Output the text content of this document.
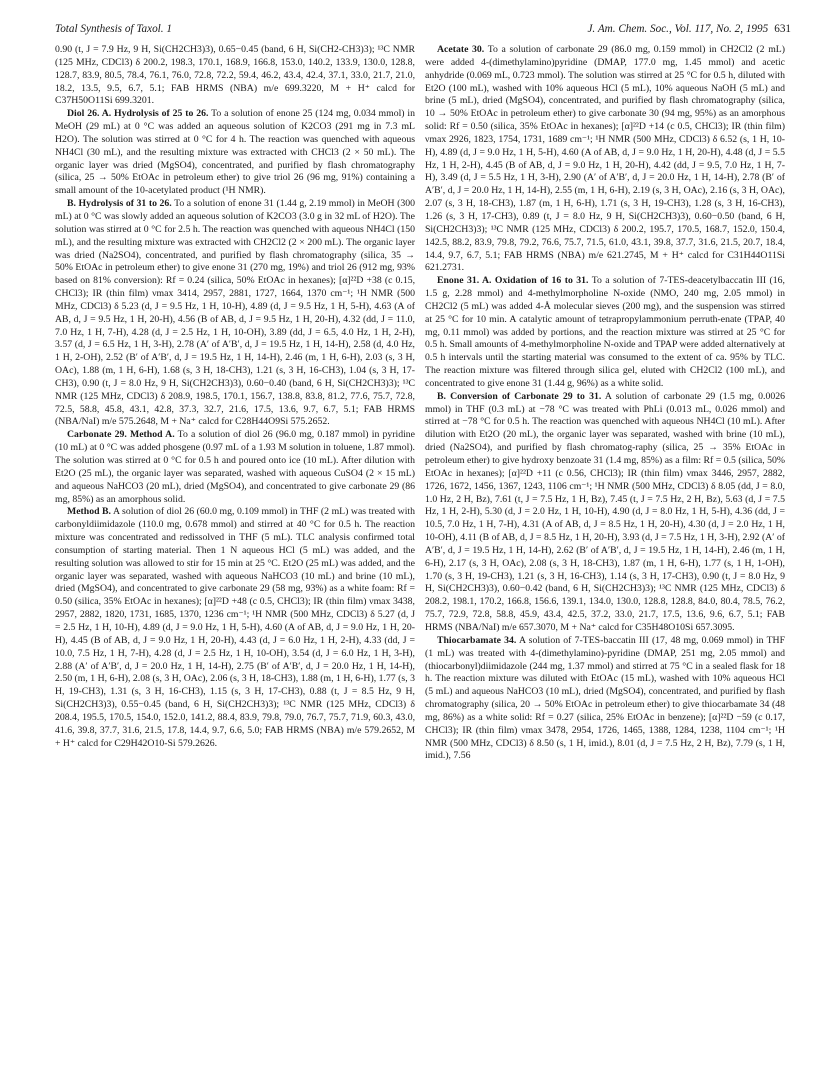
Total Synthesis of Taxol. 1	J. Am. Chem. Soc., Vol. 117, No. 2, 1995 631

0.90 (t, J = 7.9 Hz, 9 H, Si(CH2CH3)3), 0.65−0.45 (band, 6 H, Si(CH2-CH3)3); ¹³C NMR (125 MHz, CDCl3) δ 200.2, 198.3, 170.1, 168.9, 166.8, 153.0, 140.2, 133.9, 130.0, 128.8, 128.7, 83.9, 80.5, 78.4, 76.1, 76.0, 72.8, 72.2, 59.4, 46.2, 43.4, 42.4, 37.1, 33.0, 21.7, 21.0, 18.2, 13.5, 9.5, 6.7, 5.1; FAB HRMS (NBA) m/e 699.3220, M + H⁺ calcd for C37H50O11Si 699.3201.

Diol 26. A. Hydrolysis of 25 to 26. To a solution of enone 25 (124 mg, 0.034 mmol) in MeOH (29 mL) at 0 °C was added an aqueous solution of K2CO3 (291 mg in 7.3 mL H2O). The solution was stirred at 0 °C for 4 h. The reaction was quenched with aqueous NH4Cl (30 mL), and the resulting mixture was extracted with CHCl3 (2 × 50 mL). The organic layer was dried (MgSO4), concentrated, and purified by flash chromatography (silica, 25 → 50% EtOAc in petroleum ether) to give triol 26 (96 mg, 91%) containing a small amount of the 10-acetylated product (¹H NMR).

B. Hydrolysis of 31 to 26. To a solution of enone 31 (1.44 g, 2.19 mmol) in MeOH (300 mL) at 0 °C was slowly added an aqueous solution of K2CO3 (3.0 g in 32 mL of H2O). The solution was stirred at 0 °C for 2.5 h. The reaction was quenched with aqueous NH4Cl (150 mL), and the resulting mixture was extracted with CH2Cl2 (2 × 200 mL). The organic layer was dried (Na2SO4), concentrated, and purified by flash chromatography (silica, 35 → 50% EtOAc in petroleum ether) to give enone 31 (270 mg, 19%) and triol 26 (912 mg, 93% based on 81% conversion): Rf = 0.24 (silica, 50% EtOAc in hexanes); [α]²²D +38 (c 0.15, CHCl3); IR (thin film) νmax 3414, 2957, 2881, 1727, 1664, 1370 cm⁻¹; ¹H NMR (500 MHz, CDCl3) δ 5.23 (d, J = 9.5 Hz, 1 H, 10-H), 4.89 (d, J = 9.5 Hz, 1 H, 5-H), 4.63 (A of AB, d, J = 9.5 Hz, 1 H, 20-H), 4.56 (B of AB, d, J = 9.5 Hz, 1 H, 20-H), 4.32 (dd, J = 11.0, 7.0 Hz, 1 H, 7-H), 4.28 (d, J = 2.5 Hz, 1 H, 10-OH), 3.89 (dd, J = 6.5, 4.0 Hz, 1 H, 2-H), 3.57 (d, J = 6.5 Hz, 1 H, 3-H), 2.78 (A′ of A′B′, d, J = 19.5 Hz, 1 H, 14-H), 2.58 (d, 4.0 Hz, 1 H, 2-OH), 2.52 (B′ of A′B′, d, J = 19.5 Hz, 1 H, 14-H), 2.46 (m, 1 H, 6-H), 2.03 (s, 3 H, OAc), 1.88 (m, 1 H, 6-H), 1.68 (s, 3 H, 18-CH3), 1.21 (s, 3 H, 16-CH3), 1.04 (s, 3 H, 17-CH3), 0.90 (t, J = 8.0 Hz, 9 H, Si(CH2CH3)3), 0.60−0.40 (band, 6 H, Si(CH2CH3)3); ¹³C NMR (125 MHz, CDCl3) δ 208.9, 198.5, 170.1, 156.7, 138.8, 83.8, 81.2, 77.6, 75.7, 72.8, 72.5, 58.8, 45.8, 43.1, 42.8, 37.3, 32.7, 21.6, 17.5, 13.6, 9.7, 6.7, 5.1; FAB HRMS (NBA/NaI) m/e 575.2648, M + Na⁺ calcd for C28H44O9Si 575.2652.

Carbonate 29. Method A. To a solution of diol 26 (96.0 mg, 0.187 mmol) in pyridine (10 mL) at 0 °C was added phosgene (0.97 mL of a 1.93 M solution in toluene, 1.87 mmol). The solution was stirred at 0 °C for 0.5 h and poured onto ice (10 mL). After dilution with Et2O (25 mL), the organic layer was separated, washed with aqueous CuSO4 (2 × 15 mL) and aqueous NaHCO3 (20 mL), dried (MgSO4), and concentrated to give carbonate 29 (86 mg, 85%) as an amorphous solid.

Method B. A solution of diol 26 (60.0 mg, 0.109 mmol) in THF (2 mL) was treated with carbonyldiimidazole (110.0 mg, 0.678 mmol) and stirred at 40 °C for 0.5 h. The reaction mixture was concentrated and redissolved in THF (5 mL). TLC analysis confirmed total consumption of starting material. Then 1 N aqueous HCl (5 mL) was added, and the resulting solution was allowed to stir for 15 min at 25 °C. Et2O (25 mL) was added, and the organic layer was separated, washed with aqueous NaHCO3 (10 mL) and brine (10 mL), dried (MgSO4), and concentrated to give carbonate 29 (58 mg, 93%) as a white foam: Rf = 0.50 (silica, 35% EtOAc in hexanes); [α]²²D +48 (c 0.5, CHCl3); IR (thin film) νmax 3438, 2957, 2882, 1820, 1731, 1685, 1370, 1236 cm⁻¹; ¹H NMR (500 MHz, CDCl3) δ 5.27 (d, J = 2.5 Hz, 1 H, 10-H), 4.89 (d, J = 9.0 Hz, 1 H, 5-H), 4.60 (A of AB, d, J = 9.0 Hz, 1 H, 20-H), 4.45 (B of AB, d, J = 9.0 Hz, 1 H, 20-H), 4.43 (d, J = 6.0 Hz, 1 H, 2-H), 4.33 (dd, J = 10.0, 7.5 Hz, 1 H, 7-H), 4.28 (d, J = 2.5 Hz, 1 H, 10-OH), 3.54 (d, J = 6.0 Hz, 1 H, 3-H), 2.88 (A′ of A′B′, d, J = 20.0 Hz, 1 H, 14-H), 2.75 (B′ of A′B′, d, J = 20.0 Hz, 1 H, 14-H), 2.50 (m, 1 H, 6-H), 2.08 (s, 3 H, OAc), 2.06 (s, 3 H, 18-CH3), 1.88 (m, 1 H, 6-H), 1.77 (s, 3 H, 19-CH3), 1.31 (s, 3 H, 16-CH3), 1.15 (s, 3 H, 17-CH3), 0.88 (t, J = 8.5 Hz, 9 H, Si(CH2CH3)3), 0.55−0.45 (band, 6 H, Si(CH2CH3)3); ¹³C NMR (125 MHz, CDCl3) δ 208.4, 195.5, 170.5, 154.0, 152.0, 141.2, 88.4, 83.9, 79.8, 79.0, 76.7, 75.7, 71.9, 60.3, 43.0, 41.6, 39.8, 37.7, 31.6, 21.5, 17.8, 14.4, 9.7, 6.6, 5.0; FAB HRMS (NBA) m/e 579.2652, M + H⁺ calcd for C29H42O10-Si 579.2626.

Acetate 30. To a solution of carbonate 29 (86.0 mg, 0.159 mmol) in CH2Cl2 (2 mL) were added 4-(dimethylamino)pyridine (DMAP, 177.0 mg, 1.45 mmol) and acetic anhydride (0.069 mL, 0.723 mmol). The solution was stirred at 25 °C for 0.5 h, diluted with Et2O (100 mL), washed with 10% aqueous HCl (5 mL), 10% aqueous NaOH (5 mL) and brine (5 mL), dried (MgSO4), concentrated, and purified by flash chromatography (silica, 10 → 50% EtOAc in petroleum ether) to give carbonate 30 (94 mg, 95%) as an amorphous solid: Rf = 0.50 (silica, 35% EtOAc in hexanes); [α]²²D +14 (c 0.5, CHCl3); IR (thin film) νmax 2926, 1823, 1754, 1731, 1689 cm⁻¹; ¹H NMR (500 MHz, CDCl3) δ 6.52 (s, 1 H, 10-H), 4.89 (d, J = 9.0 Hz, 1 H, 5-H), 4.60 (A of AB, d, J = 9.0 Hz, 1 H, 20-H), 4.48 (d, J = 5.5 Hz, 1 H, 2-H), 4.45 (B of AB, d, J = 9.0 Hz, 1 H, 20-H), 4.42 (dd, J = 9.5, 7.0 Hz, 1 H, 7-H), 3.49 (d, J = 5.5 Hz, 1 H, 3-H), 2.90 (A′ of A′B′, d, J = 20.0 Hz, 1 H, 14-H), 2.78 (B′ of A′B′, d, J = 20.0 Hz, 1 H, 14-H), 2.55 (m, 1 H, 6-H), 2.19 (s, 3 H, OAc), 2.16 (s, 3 H, OAc), 2.07 (s, 3 H, 18-CH3), 1.87 (m, 1 H, 6-H), 1.71 (s, 3 H, 19-CH3), 1.28 (s, 3 H, 16-CH3), 1.26 (s, 3 H, 17-CH3), 0.89 (t, J = 8.0 Hz, 9 H, Si(CH2CH3)3), 0.60−0.50 (band, 6 H, Si(CH2CH3)3); ¹³C NMR (125 MHz, CDCl3) δ 200.2, 195.7, 170.5, 168.7, 152.0, 150.4, 142.5, 88.2, 83.9, 79.8, 79.2, 76.6, 75.7, 71.5, 61.0, 43.1, 39.8, 37.7, 31.6, 21.5, 20.7, 18.4, 14.4, 9.7, 6.7, 5.1; FAB HRMS (NBA) m/e 621.2745, M + H⁺ calcd for C31H44O11Si 621.2731.

Enone 31. A. Oxidation of 16 to 31. To a solution of 7-TES-deacetylbaccatin III (16, 1.5 g, 2.28 mmol) and 4-methylmorpholine N-oxide (NMO, 240 mg, 2.05 mmol) in CH2Cl2 (5 mL) was added 4-Å molecular sieves (200 mg), and the suspension was stirred at 25 °C for 10 min. A catalytic amount of tetrapropylammonium perruth-enate (TPAP, 40 mg, 0.11 mmol) was added by portions, and the reaction mixture was stirred at 25 °C for 0.5 h. Small amounts of 4-methylmorpholine N-oxide and TPAP were added alternatively at 0.5 h intervals until the starting material was consumed to the extent of ca. 95% by TLC. The reaction mixture was filtered through silica gel, eluted with CH2Cl2 (100 mL), and concentrated to give enone 31 (1.44 g, 96%) as a white solid.

B. Conversion of Carbonate 29 to 31. A solution of carbonate 29 (1.5 mg, 0.0026 mmol) in THF (0.3 mL) at −78 °C was treated with PhLi (0.013 mL, 0.026 mmol) and stirred at −78 °C for 0.5 h. The reaction was quenched with aqueous NH4Cl (10 mL). After dilution with Et2O (20 mL), the organic layer was separated, washed with brine (10 mL), dried (Na2SO4), and purified by flash chromatog-raphy (silica, 25 → 35% EtOAc in petroleum ether) to give hydroxy benzoate 31 (1.4 mg, 85%) as a film: Rf = 0.5 (silica, 50% EtOAc in hexanes); [α]²²D +11 (c 0.56, CHCl3); IR (thin film) νmax 3446, 2957, 2882, 1726, 1672, 1456, 1367, 1243, 1106 cm⁻¹; ¹H NMR (500 MHz, CDCl3) δ 8.05 (dd, J = 8.0, 1.0 Hz, 2 H, Bz), 7.61 (t, J = 7.5 Hz, 1 H, Bz), 7.45 (t, J = 7.5 Hz, 2 H, Bz), 5.63 (d, J = 7.5 Hz, 1 H, 2-H), 5.30 (d, J = 2.0 Hz, 1 H, 10-H), 4.90 (d, J = 8.0 Hz, 1 H, 5-H), 4.36 (dd, J = 10.5, 7.0 Hz, 1 H, 7-H), 4.31 (A of AB, d, J = 8.5 Hz, 1 H, 20-H), 4.30 (d, J = 2.0 Hz, 1 H, 10-OH), 4.11 (B of AB, d, J = 8.5 Hz, 1 H, 20-H), 3.93 (d, J = 7.5 Hz, 1 H, 3-H), 2.92 (A′ of A′B′, d, J = 19.5 Hz, 1 H, 14-H), 2.62 (B′ of A′B′, d, J = 19.5 Hz, 1 H, 14-H), 2.46 (m, 1 H, 6-H), 2.17 (s, 3 H, OAc), 2.08 (s, 3 H, 18-CH3), 1.87 (m, 1 H, 6-H), 1.77 (s, 1 H, 1-OH), 1.70 (s, 3 H, 19-CH3), 1.21 (s, 3 H, 16-CH3), 1.14 (s, 3 H, 17-CH3), 0.90 (t, J = 8.0 Hz, 9 H, Si(CH2CH3)3), 0.60−0.42 (band, 6 H, Si(CH2CH3)3); ¹³C NMR (125 MHz, CDCl3) δ 208.2, 198.1, 170.2, 166.8, 156.6, 139.1, 134.0, 130.0, 128.8, 128.8, 84.0, 80.4, 78.5, 76.2, 75.7, 72.9, 72.8, 58.8, 45.9, 43.4, 42.5, 37.2, 33.0, 21.7, 17.5, 13.6, 9.6, 6.7, 5.1; FAB HRMS (NBA/NaI) m/e 657.3070, M + Na⁺ calcd for C35H48O10Si 657.3095.

Thiocarbamate 34. A solution of 7-TES-baccatin III (17, 48 mg, 0.069 mmol) in THF (1 mL) was treated with 4-(dimethylamino)-pyridine (DMAP, 251 mg, 2.05 mmol) and (thiocarbonyl)diimidazole (244 mg, 1.37 mmol) and stirred at 75 °C in a sealed flask for 18 h. The reaction mixture was diluted with EtOAc (15 mL), washed with 10% aqueous HCl (5 mL) and aqueous NaHCO3 (10 mL), dried (MgSO4), concentrated, and purified by flash chromatography (silica, 20 → 50% EtOAc in petroleum ether) to give thiocarbamate 34 (48 mg, 86%) as a white solid: Rf = 0.27 (silica, 25% EtOAc in benzene); [α]²²D −59 (c 0.17, CHCl3); IR (thin film) νmax 3478, 2954, 1726, 1465, 1388, 1284, 1238, 1104 cm⁻¹; ¹H NMR (500 MHz, CDCl3) δ 8.50 (s, 1 H, imid.), 8.01 (d, J = 7.5 Hz, 2 H, Bz), 7.79 (s, 1 H, imid.), 7.56
